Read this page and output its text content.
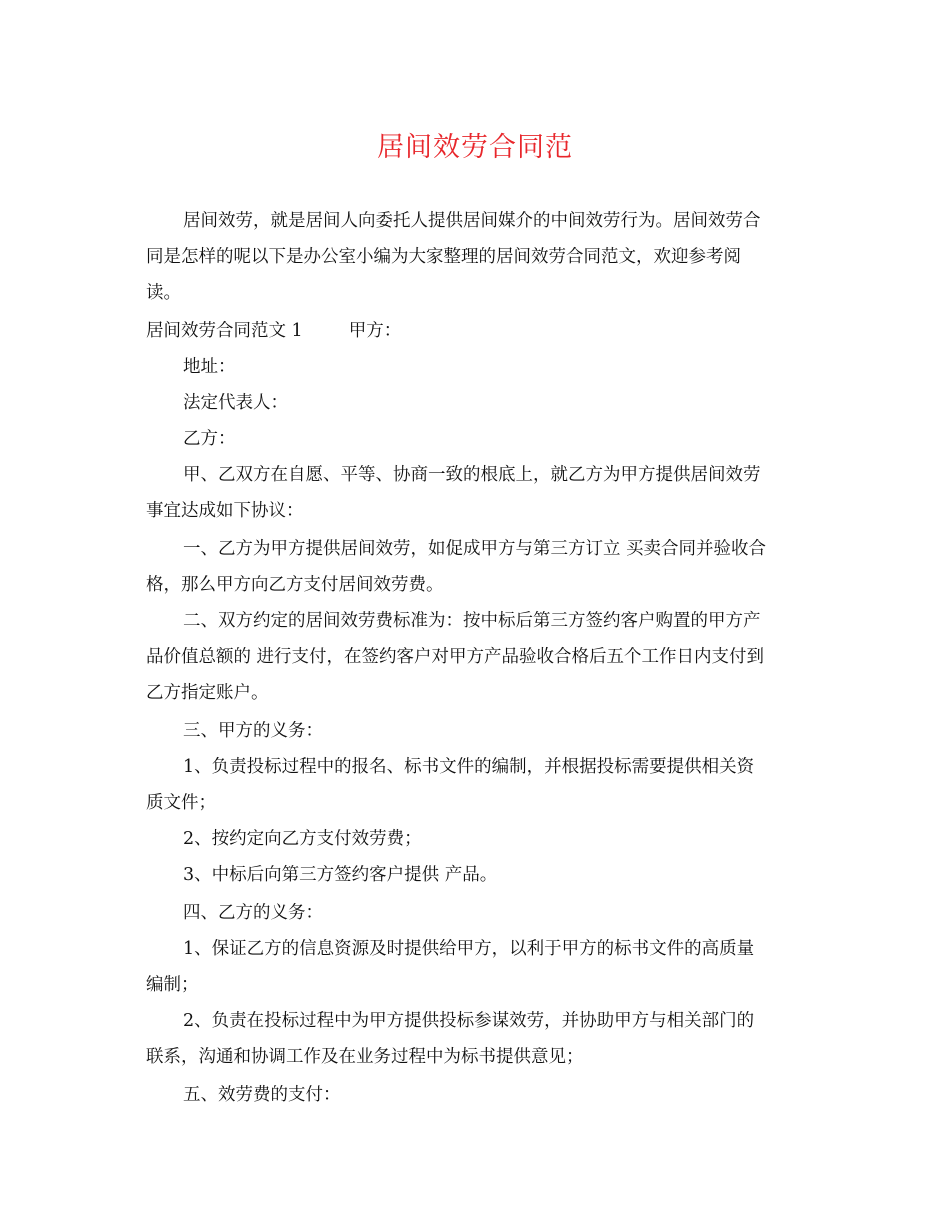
居间效劳合同范

居间效劳，就是居间人向委托人提供居间媒介的中间效劳行为。居间效劳合

同是怎样的呢以下是办公室小编为大家整理的居间效劳合同范文，欢迎参考阅

读。

居间效劳合同范文 1	甲方：

地址：

法定代表人：

乙方：

甲、乙双方在自愿、平等、协商一致的根底上，就乙方为甲方提供居间效劳

事宜达成如下协议：

一、乙方为甲方提供居间效劳，如促成甲方与第三方订立 买卖合同并验收合

格，那么甲方向乙方支付居间效劳费。

二、双方约定的居间效劳费标准为：按中标后第三方签约客户购置的甲方产

品价值总额的 进行支付，在签约客户对甲方产品验收合格后五个工作日内支付到

乙方指定账户。

三、甲方的义务：

1、负责投标过程中的报名、标书文件的编制，并根据投标需要提供相关资

质文件；

2、按约定向乙方支付效劳费；

3、中标后向第三方签约客户提供 产品。

四、乙方的义务：

1、保证乙方的信息资源及时提供给甲方，以利于甲方的标书文件的高质量

编制；

2、负责在投标过程中为甲方提供投标参谋效劳，并协助甲方与相关部门的

联系，沟通和协调工作及在业务过程中为标书提供意见；

五、效劳费的支付：
